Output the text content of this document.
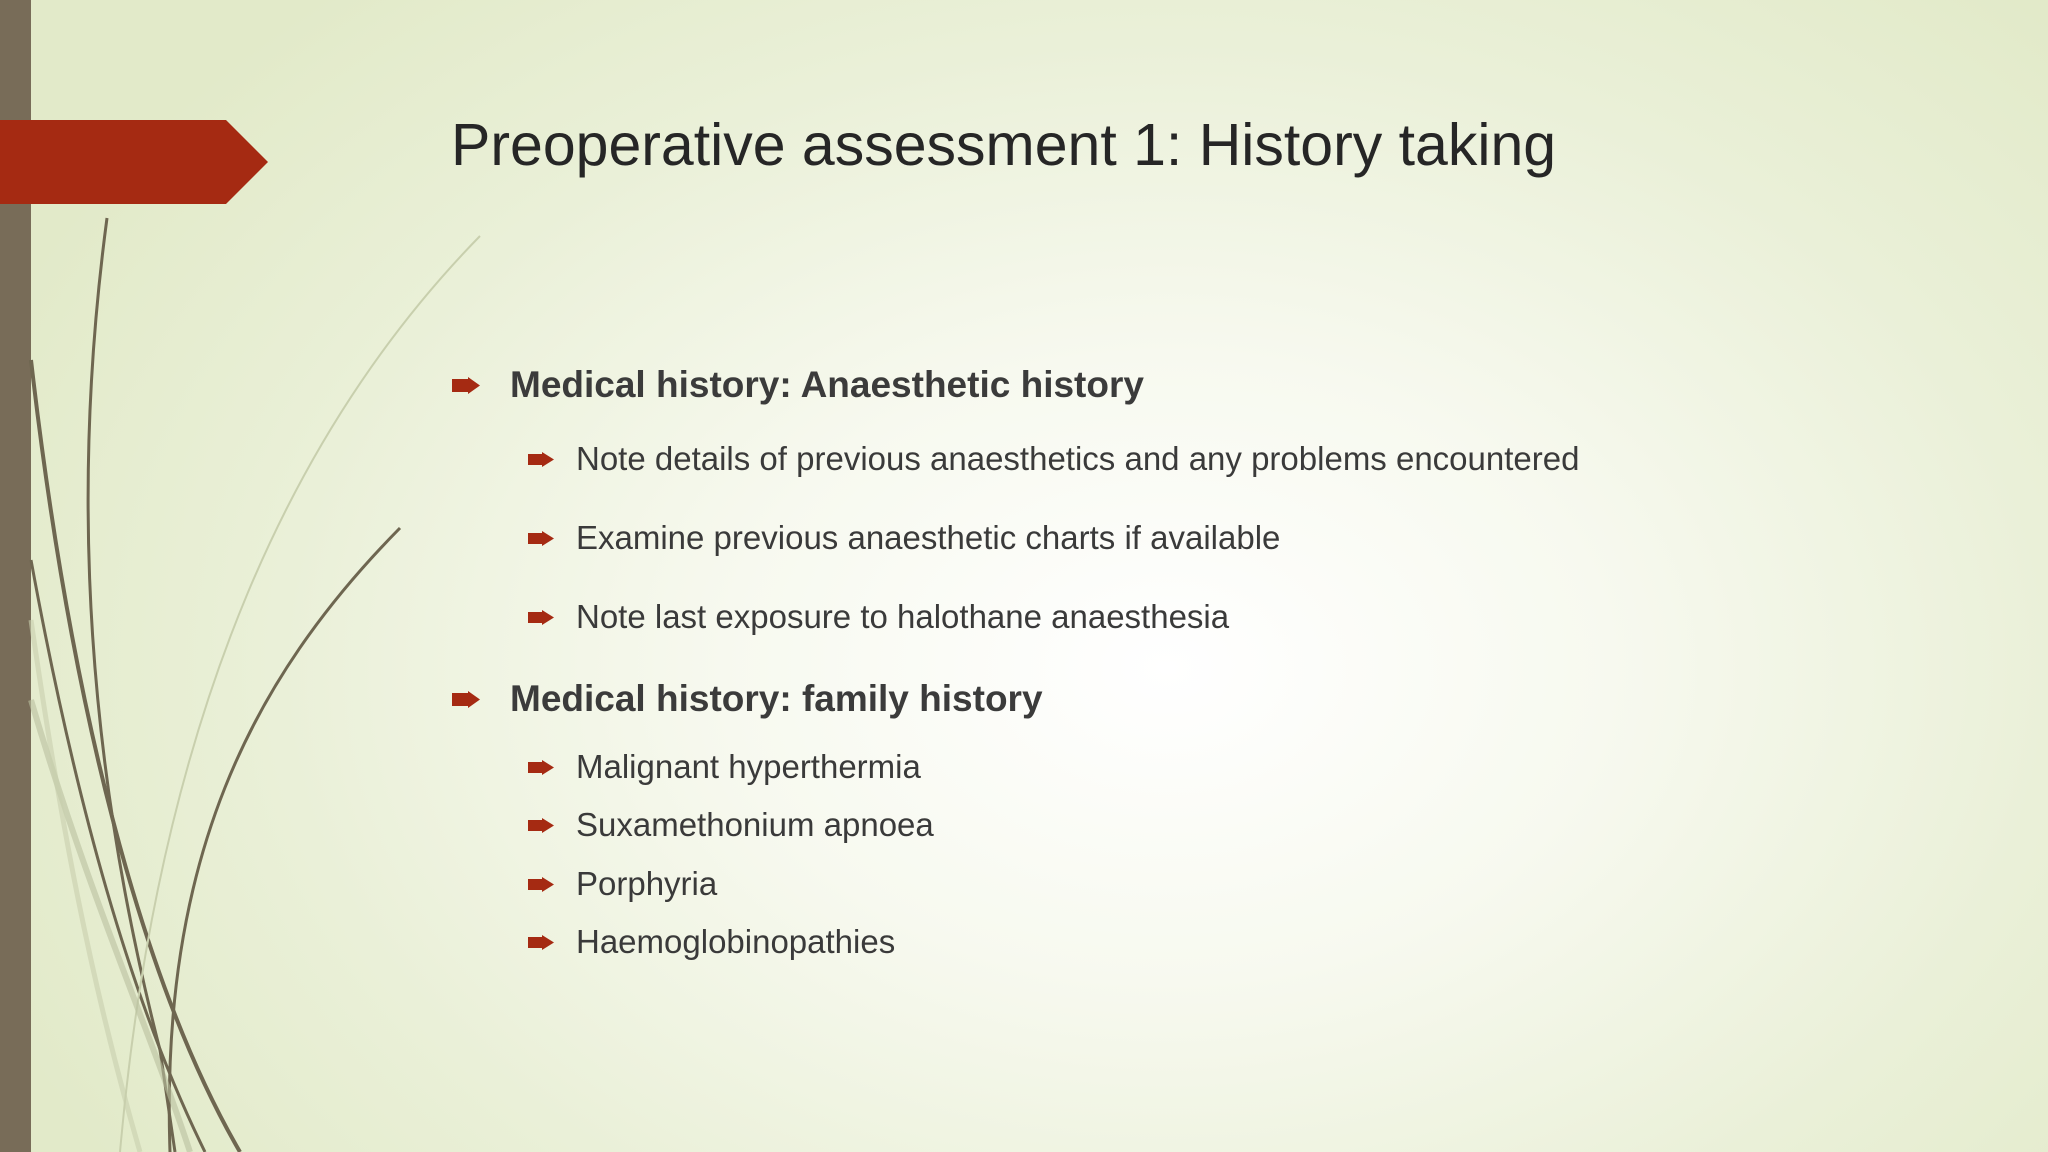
Preoperative assessment 1: History taking
Medical history: Anaesthetic history
Note details of previous anaesthetics and any problems encountered
Examine previous anaesthetic charts if available
Note last exposure to halothane anaesthesia
Medical history: family history
Malignant hyperthermia
Suxamethonium apnoea
Porphyria
Haemoglobinopathies
